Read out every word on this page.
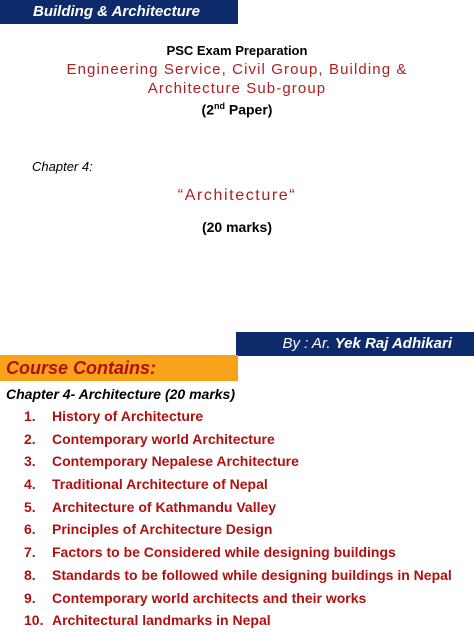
Building & Architecture
PSC Exam Preparation
Engineering Service, Civil Group, Building &
Architecture Sub-group
(2nd Paper)
Chapter 4:
“Architecture“
(20 marks)
By : Ar. Yek Raj Adhikari
Course Contains:
Chapter 4- Architecture (20 marks)
1. History of Architecture
2. Contemporary world Architecture
3. Contemporary Nepalese Architecture
4. Traditional Architecture of Nepal
5. Architecture of Kathmandu Valley
6. Principles of Architecture Design
7. Factors to be Considered while designing buildings
8. Standards to be followed while designing buildings in Nepal
9. Contemporary world architects and their works
10. Architectural landmarks in Nepal
